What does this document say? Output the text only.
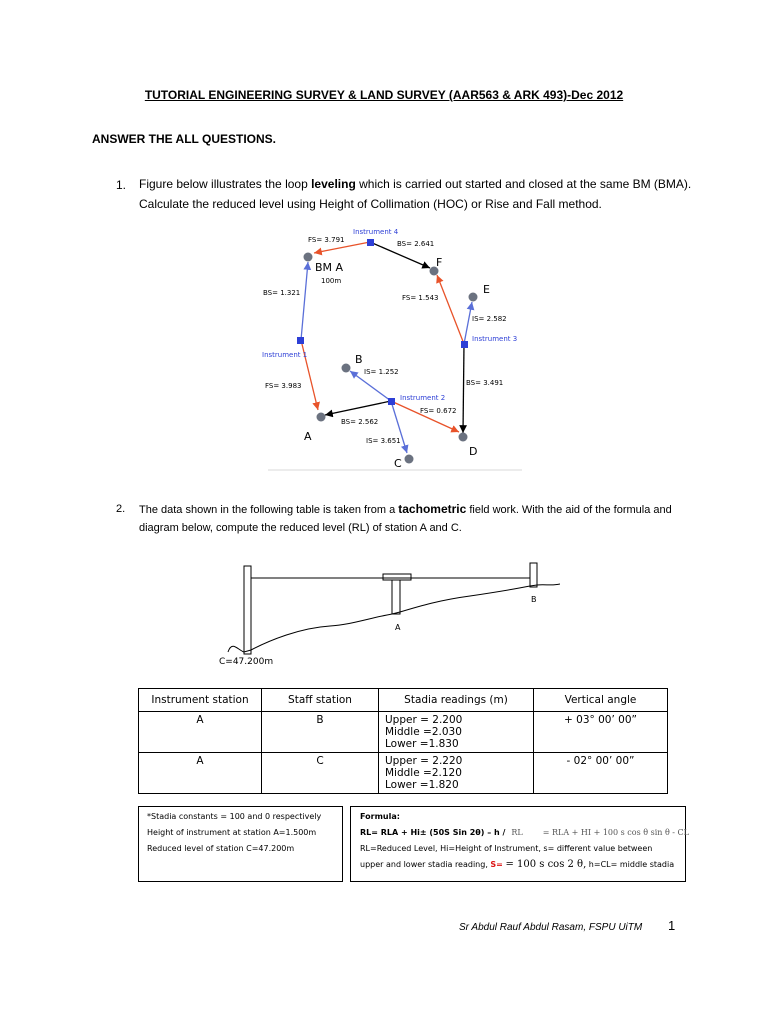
TUTORIAL ENGINEERING SURVEY & LAND SURVEY (AAR563 & ARK 493)-Dec 2012
ANSWER THE ALL QUESTIONS.
1. Figure below illustrates the loop leveling which is carried out started and closed at the same BM (BMA).
Calculate the reduced level using Height of Collimation (HOC) or Rise and Fall method.
Instrument 4
FS= 3.791	BS= 2.641
BM A
100m
F
BS= 1.321
FS= 1.543
E
IS= 2.582
Instrument 3
Instrument 1	B
IS= 1.252
BS= 3.491
FS= 3.983
Instrument 2
FS= 0.672
BS= 2.562
A	IS= 3.651
D
C
2. The data shown in the following table is taken from a tachometric field work. With the aid of the formula and
diagram below, compute the reduced level (RL) of station A and C.
B
A
C=47.200m
Instrument station	Staff station	Stadia readings (m)	Vertical angle
A	B	Upper = 2.200
Middle =2.030
Lower =1.830	+ 03° 00’ 00”
A	C	Upper = 2.220
Middle =2.120
Lower =1.820	- 02° 00’ 00”
*Stadia constants = 100 and 0 respectively
Height of instrument at station A=1.500m
Reduced level of station C=47.200m
Formula:
RL= RLA + Hi± (50S Sin 2θ) – h / RL	= RLA + HI + 100 s cos θ sin θ - CL
RL=Reduced Level, Hi=Height of Instrument, s= different value between
upper and lower stadia reading, S= = 100 s cos 2 θ, h=CL= middle stadia
Sr Abdul Rauf Abdul Rasam, FSPU UiTM 1
